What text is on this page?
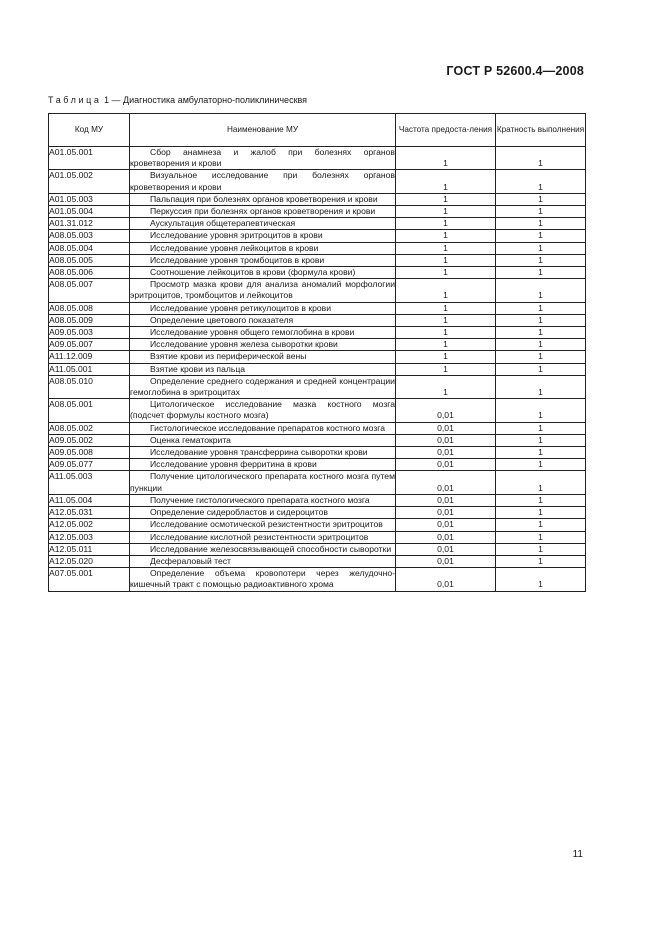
ГОСТ Р 52600.4—2008
Таблица 1 — Диагностика амбулаторно-поликлиническвя
Код МУ	Наименование МУ	Частота предоста-ления	Кратность выполнения
A01.05.001	Сбор анамнеза и жалоб при болезнях органов кроветворения и крови	1	1
A01.05.002	Визуальное исследование при болезнях органов кроветворения и крови	1	1
A01.05.003	Пальпация при болезнях органов кроветворения и крови	1	1
A01.05.004	Перкуссия при болезнях органов кроветворения и крови	1	1
A01.31.012	Аускультация общетерапевтическая	1	1
A08.05.003	Исследование уровня эритроцитов в крови	1	1
A08.05.004	Исследование уровня лейкоцитов в крови	1	1
A08.05.005	Исследование уровня тромбоцитов в крови	1	1
A08.05.006	Соотношение лейкоцитов в крови (формула крови)	1	1
A08.05.007	Просмотр мазка крови для анализа аномалий морфологии эритроцитов, тромбоцитов и лейкоцитов	1	1
A08.05.008	Исследование уровня ретикулоцитов в крови	1	1
A08.05.009	Определение цветового показателя	1	1
A09.05.003	Исследование уровня общего гемоглобина в крови	1	1
A09.05.007	Исследование уровня железа сыворотки крови	1	1
A11.12.009	Взятие крови из периферической вены	1	1
A11.05.001	Взятие крови из пальца	1	1
A08.05.010	Определение среднего содержания и средней концентрации гемоглобина в эритроцитах	1	1
A08.05.001	Цитологическое исследование мазка костного мозга (подсчет формулы костного мозга)	0,01	1
A08.05.002	Гистологическое исследование препаратов костного мозга	0,01	1
A09.05.002	Оценка гематокрита	0,01	1
A09.05.008	Исследование уровня трансферрина сыворотки крови	0,01	1
A09.05.077	Исследование уровня ферритина в крови	0,01	1
A11.05.003	Получение цитологического препарата костного мозга путем пункции	0,01	1
A11.05.004	Получение гистологического препарата костного мозга	0,01	1
A12.05.031	Определение сидеробластов и сидероцитов	0,01	1
A12.05.002	Исследование осмотической резистентности эритроцитов	0,01	1
A12.05.003	Исследование кислотной резистентности эритроцитов	0,01	1
A12.05.011	Исследование железосвязывающей способности сыворотки	0,01	1
A12.05.020	Десфераловый тест	0,01	1
A07.05.001	Определение объема кровопотери через желудочно-кишечный тракт с помощью радиоактивного хрома	0,01	1
11
